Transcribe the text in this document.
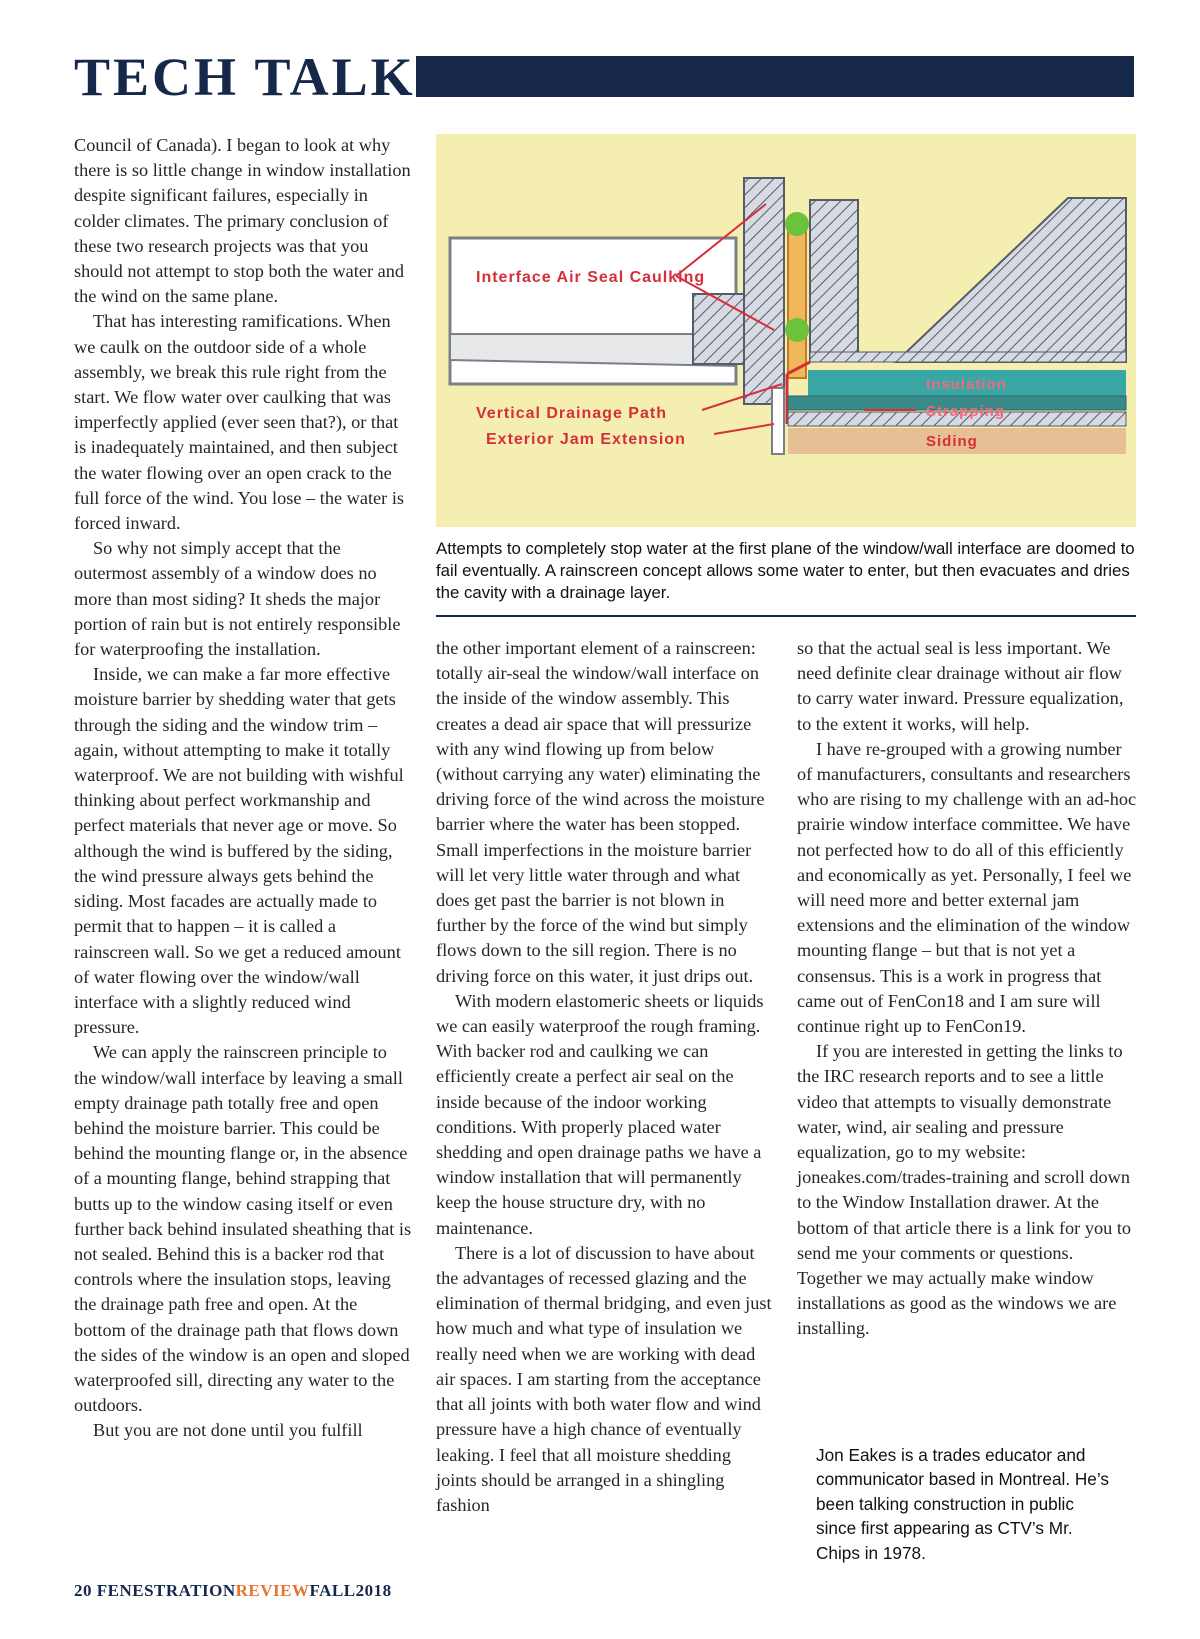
TECH TALK

Council of Canada). I began to look at why there is so little change in window installation despite significant failures, especially in colder climates. The primary conclusion of these two research projects was that you should not attempt to stop both the water and the wind on the same plane.

That has interesting ramifications. When we caulk on the outdoor side of a whole assembly, we break this rule right from the start. We flow water over caulking that was imperfectly applied (ever seen that?), or that is inadequately maintained, and then subject the water flowing over an open crack to the full force of the wind. You lose – the water is forced inward.

So why not simply accept that the outermost assembly of a window does no more than most siding? It sheds the major portion of rain but is not entirely responsible for waterproofing the installation.

Inside, we can make a far more effective moisture barrier by shedding water that gets through the siding and the window trim – again, without attempting to make it totally waterproof. We are not building with wishful thinking about perfect workmanship and perfect materials that never age or move. So although the wind is buffered by the siding, the wind pressure always gets behind the siding. Most facades are actually made to permit that to happen – it is called a rainscreen wall. So we get a reduced amount of water flowing over the window/wall interface with a slightly reduced wind pressure.

We can apply the rainscreen principle to the window/wall interface by leaving a small empty drainage path totally free and open behind the moisture barrier. This could be behind the mounting flange or, in the absence of a mounting flange, behind strapping that butts up to the window casing itself or even further back behind insulated sheathing that is not sealed. Behind this is a backer rod that controls where the insulation stops, leaving the drainage path free and open. At the bottom of the drainage path that flows down the sides of the window is an open and sloped waterproofed sill, directing any water to the outdoors.

But you are not done until you fulfill

Interface Air Seal Caulking
Vertical Drainage Path
Exterior Jam Extension
Insulation
Strapping
Siding

Attempts to completely stop water at the first plane of the window/wall interface are doomed to fail eventually. A rainscreen concept allows some water to enter, but then evacuates and dries the cavity with a drainage layer.

the other important element of a rainscreen: totally air-seal the window/wall interface on the inside of the window assembly. This creates a dead air space that will pressurize with any wind flowing up from below (without carrying any water) eliminating the driving force of the wind across the moisture barrier where the water has been stopped. Small imperfections in the moisture barrier will let very little water through and what does get past the barrier is not blown in further by the force of the wind but simply flows down to the sill region. There is no driving force on this water, it just drips out.

With modern elastomeric sheets or liquids we can easily waterproof the rough framing. With backer rod and caulking we can efficiently create a perfect air seal on the inside because of the indoor working conditions. With properly placed water shedding and open drainage paths we have a window installation that will permanently keep the house structure dry, with no maintenance.

There is a lot of discussion to have about the advantages of recessed glazing and the elimination of thermal bridging, and even just how much and what type of insulation we really need when we are working with dead air spaces. I am starting from the acceptance that all joints with both water flow and wind pressure have a high chance of eventually leaking. I feel that all moisture shedding joints should be arranged in a shingling fashion

so that the actual seal is less important. We need definite clear drainage without air flow to carry water inward. Pressure equalization, to the extent it works, will help.

I have re-grouped with a growing number of manufacturers, consultants and researchers who are rising to my challenge with an ad-hoc prairie window interface committee. We have not perfected how to do all of this efficiently and economically as yet. Personally, I feel we will need more and better external jam extensions and the elimination of the window mounting flange – but that is not yet a consensus. This is a work in progress that came out of FenCon18 and I am sure will continue right up to FenCon19.

If you are interested in getting the links to the IRC research reports and to see a little video that attempts to visually demonstrate water, wind, air sealing and pressure equalization, go to my website: joneakes.com/trades-training and scroll down to the Window Installation drawer. At the bottom of that article there is a link for you to send me your comments or questions. Together we may actually make window installations as good as the windows we are installing.

Jon Eakes is a trades educator and communicator based in Montreal. He’s been talking construction in public since first appearing as CTV’s Mr. Chips in 1978.

20 FENESTRATIONREVIEWFALL2018
